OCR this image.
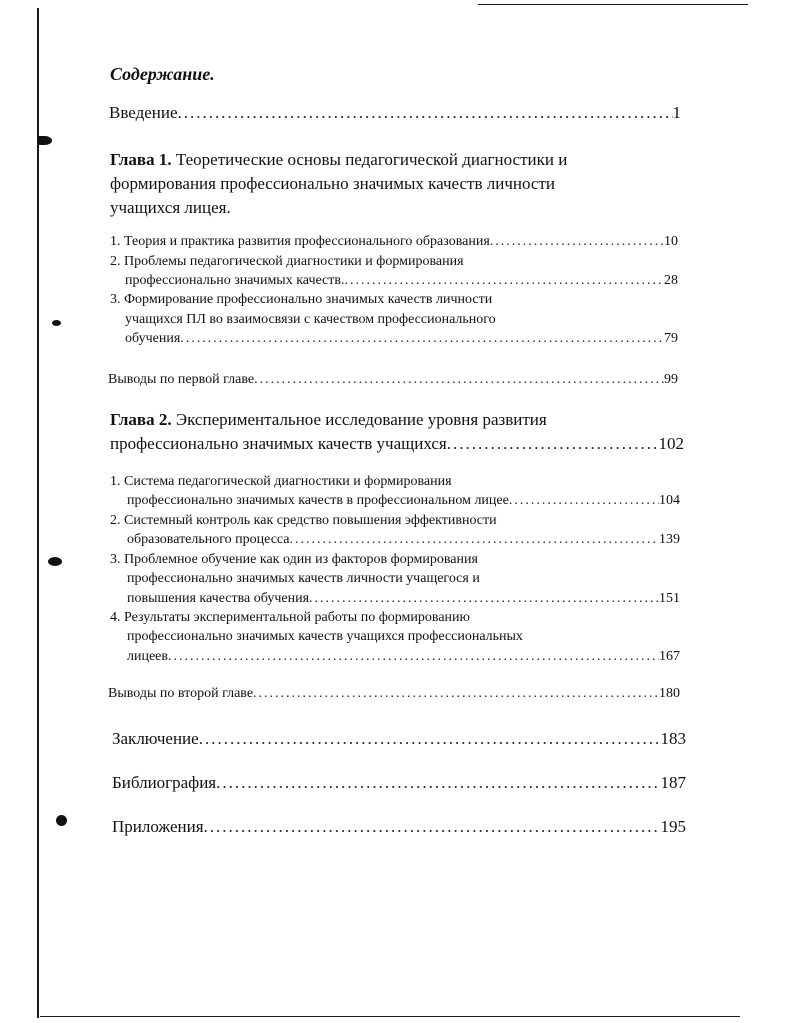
Содержание.
Введение .....	1
Глава 1. Теоретические основы педагогической диагностики и
формирования профессионально значимых качеств личности
учащихся лицея.
1. Теория и практика развития профессионального образования .....	10
2. Проблемы педагогической диагностики и формирования
профессионально значимых качеств. .....	28
3. Формирование профессионально значимых качеств личности
учащихся ПЛ во взаимосвязи с качеством профессионального
обучения .....	79
Выводы по первой главе .....	99
Глава 2. Экспериментальное исследование уровня развития
профессионально значимых качеств учащихся .....	102
1. Система педагогической диагностики и формирования
профессионально значимых качеств в профессиональном лицее .....	104
2. Системный контроль как средство повышения эффективности
образовательного процесса .....	139
3. Проблемное обучение как один из факторов формирования
профессионально значимых качеств личности учащегося и
повышения качества обучения .....	151
4. Результаты экспериментальной работы по формированию
профессионально значимых качеств учащихся профессиональных
лицеев .....	167
Выводы по второй главе .....	180
Заключение .....	183
Библиография .....	187
Приложения .....	195
